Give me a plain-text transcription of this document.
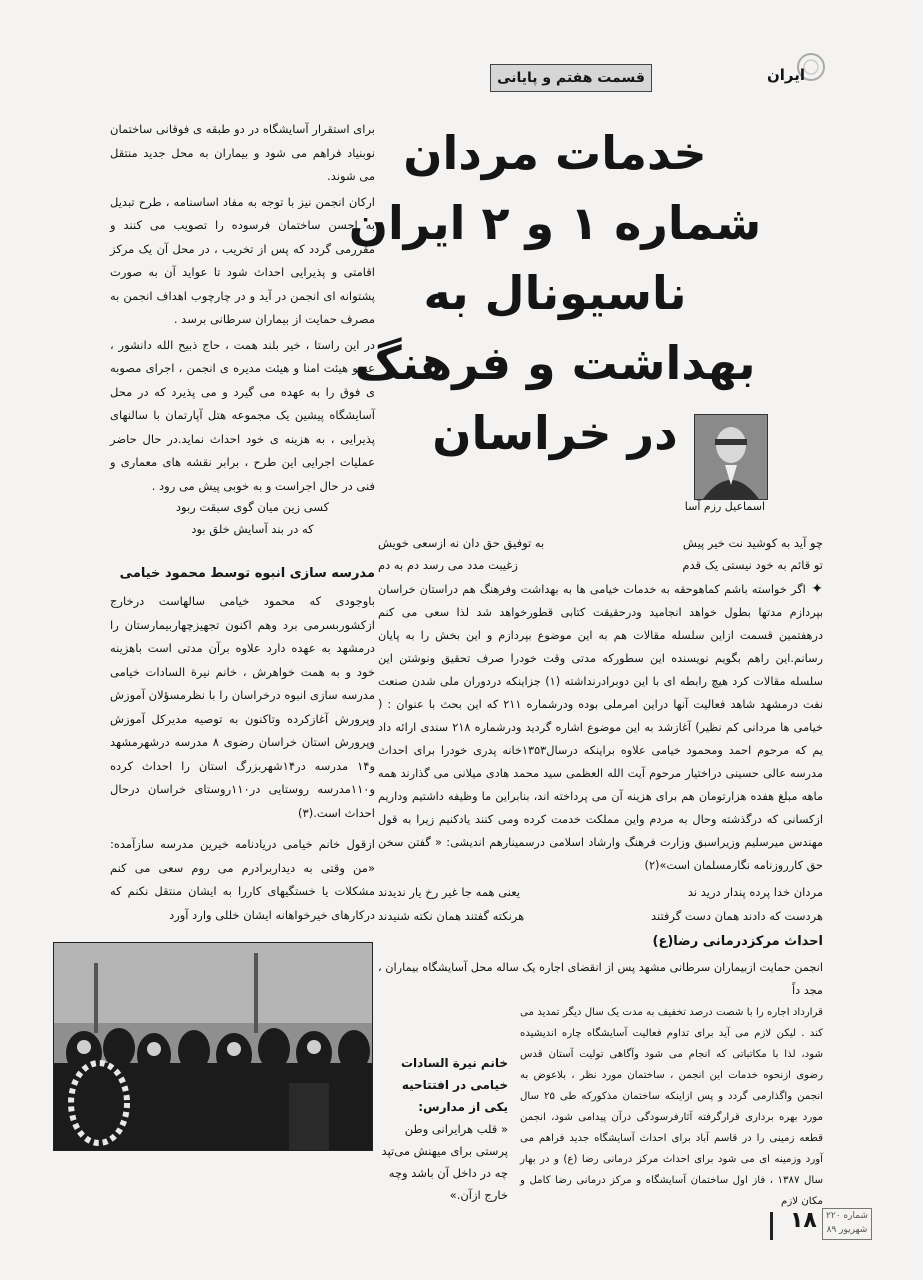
ایران
قسمت هفتم و پایانی
خدمات مردان شماره ۱ و ۲ ایران ناسیونال به بهداشت و فرهنگ در خراسان
اسماعیل رزم آسا

برای استقرار آسایشگاه در دو طبقه ی فوقانی ساختمان نوبنیاد فراهم می شود و بیماران به محل جدید منتقل می شوند.

ارکان انجمن نیز با توجه به مفاد اساسنامه ، طرح تبدیل به احسن ساختمان فرسوده را تصویب می کنند و مقررمی گردد که پس از تخریب ، در محل آن یک مرکز اقامتی و پذیرایی احداث شود تا عواید آن به صورت پشتوانه ای انجمن در آید و در چارچوب اهداف انجمن به مصرف حمایت از بیماران سرطانی برسد .

در این راستا ، خیر بلند همت ، حاج ذبیح الله دانشور ، عضو هیئت امنا و هیئت مدیره ی انجمن ، اجرای مصوبه ی فوق را به عهده می گیرد و می پذیرد که در محل آسایشگاه پیشین یک مجموعه هتل آپارتمان با سالنهای پذیرایی ، به هزینه ی خود احداث نماید.در حال حاضر عملیات اجرایی این طرح ، برابر نقشه های معماری و فنی در حال اجراست و به خوبی پیش می رود .

کسی زین میان گوی سبقت ربود
که در بند آسایش خلق بود
مدرسه سازی انبوه توسط محمود خیامی
باوجودی که محمود خیامی سالهاست درخارج ازکشوربسرمی برد وهم اکنون تجهیزچهاربیمارستان را درمشهد به عهده دارد علاوه برآن مدتی است باهزینه خود و به همت خواهرش ، خانم نیرة السادات خیامی مدرسه سازی انبوه درخراسان را با نظرمسؤلان آموزش وپرورش آغازکرده وتاکنون به توصیه مدیرکل آموزش وپرورش استان خراسان رضوی ۸ مدرسه درشهرمشهد و۱۴ مدرسه در۱۴شهربزرگ استان را احداث کرده و۱۱۰مدرسه روستایی در۱۱۰روستای خراسان درحال احداث است.(۳)
ازقول خانم خیامی دریادنامه خیرین مدرسه سازآمده: «من وقتی به دیداربرادرم می روم سعی می کنم مشکلات یا خستگیهای کاررا به ایشان منتقل نکنم که درکارهای خیرخواهانه ایشان خللی وارد آورد
چو آید به کوشید نت خیر پیش
به توفیق حق دان نه ازسعی خویش
تو قائم به خود نیستی یک قدم
زغیبت مدد می رسد دم به دم
✦ اگر خواسته باشم کماهوحقه به خدمات خیامی ها به بهداشت وفرهنگ هم دراستان خراسان بپردازم مدتها بطول خواهد انجامید ودرحقیقت کتابی قطورخواهد شد لذا سعی می کنم درهفتمین قسمت ازاین سلسله مقالات هم به این موضوع بپردازم و این بخش را به پایان رسانم.این راهم بگویم نویسنده این سطورکه مدتی وقت خودرا صرف تحقیق ونوشتن این سلسله مقالات کرد هیچ رابطه ای با این دوبرادرنداشته (۱) جزاینکه دردوران ملی شدن صنعت نفت درمشهد شاهد فعالیت آنها دراین امرملی بوده ودرشماره ۲۱۱ که این بحث با عنوان : ( خیامی ها مردانی کم نظیر) آغازشد به این موضوع اشاره گردید ودرشماره ۲۱۸ سندی ارائه داد یم که مرحوم احمد ومحمود خیامی علاوه براینکه درسال۱۳۵۳خانه پدری خودرا برای احداث مدرسه عالی حسینی دراختیار مرحوم آیت الله العظمی سید محمد هادی میلانی می گذارند همه ماهه مبلغ هفده هزارتومان هم برای هزینه آن می پرداخته اند، بنابراین ما وظیفه داشتیم وداریم ازکسانی که درگذشته وحال به مردم واین مملکت خدمت کرده ومی کنند یادکنیم زیرا به قول مهندس میرسلیم وزیراسبق وزارت فرهنگ وارشاد اسلامی درسمینارهم اندیشی: « گفتن سخن حق کارروزنامه نگارمسلمان است»(۲)
مردان خدا پرده پندار درید ند
یعنی همه جا غیر رخ یار ندیدند
هردست که دادند همان دست گرفتند
هرنکته گفتند همان نکته شنیدند
احداث مرکزدرمانی رضا(ع)
انجمن حمایت ازبیماران سرطانی مشهد پس از انقضای اجاره یک ساله محل آسایشگاه بیماران ، مجد داً
قرارداد اجاره را با شصت درصد تخفیف به مدت یک سال دیگر تمدید می کند . لیکن لازم می آید برای تداوم فعالیت آسایشگاه چاره اندیشیده شود، لذا با مکاتباتی که انجام می شود وآگاهی تولیت آستان قدس رضوی ازنحوه خدمات این انجمن ، ساختمان مورد نظر ، بلاعوض به انجمن واگذارمی گردد و پس ازاینکه ساختمان مذکورکه طی ۲۵ سال مورد بهره برداری قرارگرفته آثارفرسودگی درآن پیدامی شود، انجمن قطعه زمینی را در قاسم آباد برای احداث آسایشگاه جدید فراهم می آورد وزمینه ای می شود برای احداث مرکز درمانی رضا (ع) و در بهار سال ۱۳۸۷ ، فاز اول ساختمان آسایشگاه و مرکز درمانی رضا کامل و مکان لازم
خانم نیرة السادات خیامی در افتتاحیه یکی از مدارس:
« قلب هرایرانی وطن پرستی برای میهنش می‌تپد چه در داخل آن باشد وچه خارج ازآن.»
۱۸	شماره ۲۲۰
شهریور ۸۹
